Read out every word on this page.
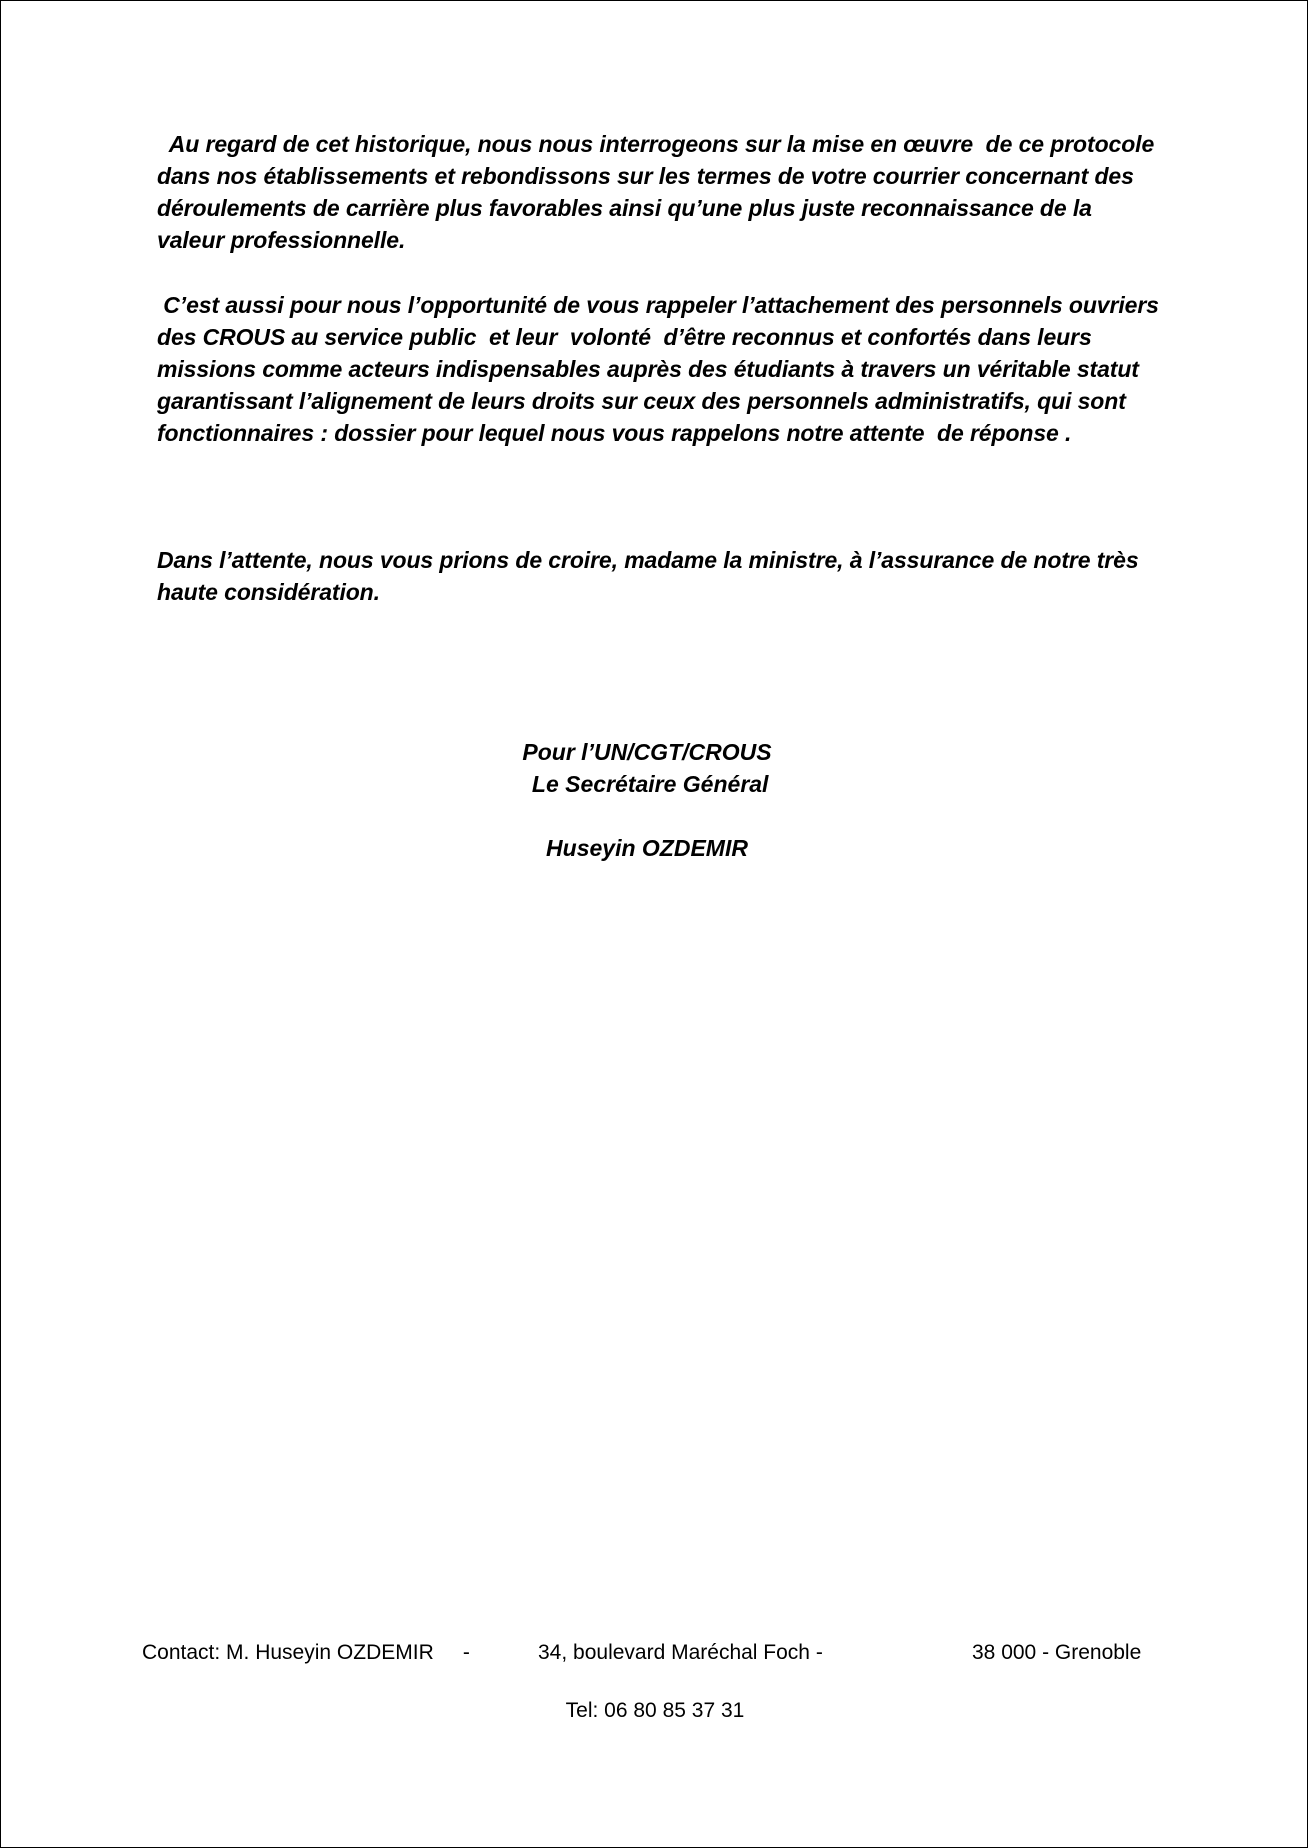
Au regard de cet historique, nous nous interrogeons sur la mise en œuvre  de ce protocole
dans nos établissements et rebondissons sur les termes de votre courrier concernant des
déroulements de carrière plus favorables ainsi qu’une plus juste reconnaissance de la
valeur professionnelle.
C’est aussi pour nous l’opportunité de vous rappeler l’attachement des personnels ouvriers
des CROUS au service public  et leur  volonté  d’être reconnus et confortés dans leurs
missions comme acteurs indispensables auprès des étudiants à travers un véritable statut
garantissant l’alignement de leurs droits sur ceux des personnels administratifs, qui sont
fonctionnaires : dossier pour lequel nous vous rappelons notre attente  de réponse .
Dans l’attente, nous vous prions de croire, madame la ministre, à l’assurance de notre très
haute considération.
Pour l’UN/CGT/CROUS
Le Secrétaire Général
Huseyin OZDEMIR
Contact: M. Huseyin OZDEMIR     -	34, boulevard Maréchal Foch -	38 000 - Grenoble
Tel: 06 80 85 37 31
